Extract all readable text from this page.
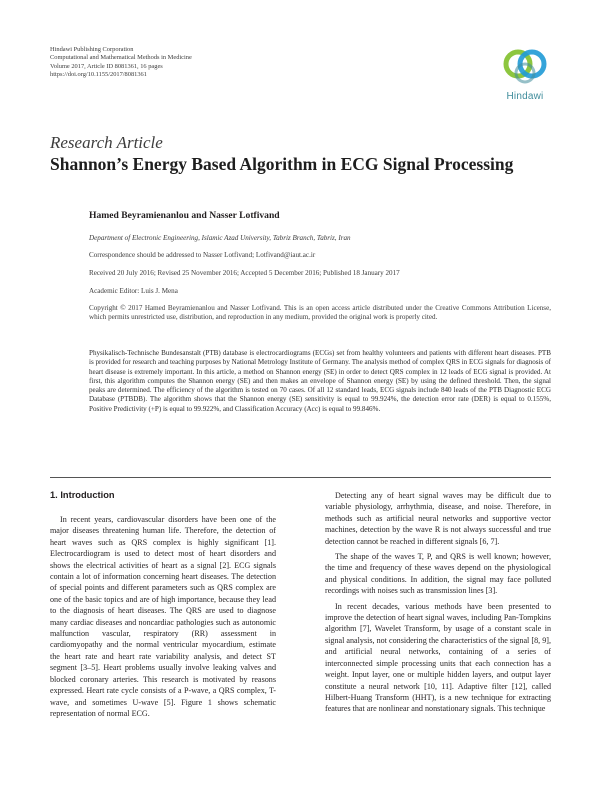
Hindawi Publishing Corporation
Computational and Mathematical Methods in Medicine
Volume 2017, Article ID 8081361, 16 pages
https://doi.org/10.1155/2017/8081361
Hindawi
Research Article
Shannon’s Energy Based Algorithm in ECG Signal Processing
Hamed Beyramienanlou and Nasser Lotfivand
Department of Electronic Engineering, Islamic Azad University, Tabriz Branch, Tabriz, Iran
Correspondence should be addressed to Nasser Lotfivand; Lotfivand@iaut.ac.ir
Received 20 July 2016; Revised 25 November 2016; Accepted 5 December 2016; Published 18 January 2017
Academic Editor: Luis J. Mena
Copyright © 2017 Hamed Beyramienanlou and Nasser Lotfivand. This is an open access article distributed under the Creative Commons Attribution License, which permits unrestricted use, distribution, and reproduction in any medium, provided the original work is properly cited.
Physikalisch-Technische Bundesanstalt (PTB) database is electrocardiograms (ECGs) set from healthy volunteers and patients with different heart diseases. PTB is provided for research and teaching purposes by National Metrology Institute of Germany. The analysis method of complex QRS in ECG signals for diagnosis of heart disease is extremely important. In this article, a method on Shannon energy (SE) in order to detect QRS complex in 12 leads of ECG signal is provided. At first, this algorithm computes the Shannon energy (SE) and then makes an envelope of Shannon energy (SE) by using the defined threshold. Then, the signal peaks are determined. The efficiency of the algorithm is tested on 70 cases. Of all 12 standard leads, ECG signals include 840 leads of the PTB Diagnostic ECG Database (PTBDB). The algorithm shows that the Shannon energy (SE) sensitivity is equal to 99.924%, the detection error rate (DER) is equal to 0.155%, Positive Predictivity (+P) is equal to 99.922%, and Classification Accuracy (Acc) is equal to 99.846%.
1. Introduction

In recent years, cardiovascular disorders have been one of the major diseases threatening human life. Therefore, the detection of heart waves such as QRS complex is highly significant [1]. Electrocardiogram is used to detect most of heart disorders and shows the electrical activities of heart as a signal [2]. ECG signals contain a lot of information concerning heart diseases. The detection of special points and different parameters such as QRS complex are one of the basic topics and are of high importance, because they lead to the diagnosis of heart diseases. The QRS are used to diagnose many cardiac diseases and noncardiac pathologies such as autonomic malfunction vascular, respiratory (RR) assessment in cardiomyopathy and the normal ventricular myocardium, estimate the heart rate and heart rate variability analysis, and detect ST segment [3–5]. Heart problems usually involve leaking valves and blocked coronary arteries. This research is motivated by reasons expressed. Heart rate cycle consists of a P-wave, a QRS complex, T-wave, and sometimes U-wave [5]. Figure 1 shows schematic representation of normal ECG.

Detecting any of heart signal waves may be difficult due to variable physiology, arrhythmia, disease, and noise. Therefore, in methods such as artificial neural networks and supportive vector machines, detection by the wave R is not always successful and true detection cannot be reached in different signals [6, 7].

The shape of the waves T, P, and QRS is well known; however, the time and frequency of these waves depend on the physiological and physical conditions. In addition, the signal may face polluted recordings with noises such as transmission lines [3].

In recent decades, various methods have been presented to improve the detection of heart signal waves, including Pan-Tompkins algorithm [7], Wavelet Transform, by usage of a constant scale in signal analysis, not considering the characteristics of the signal [8, 9], and artificial neural networks, containing of a series of interconnected simple processing units that each connection has a weight. Input layer, one or multiple hidden layers, and output layer constitute a neural network [10, 11]. Adaptive filter [12], called Hilbert-Huang Transform (HHT), is a new technique for extracting features that are nonlinear and nonstationary signals. This technique
